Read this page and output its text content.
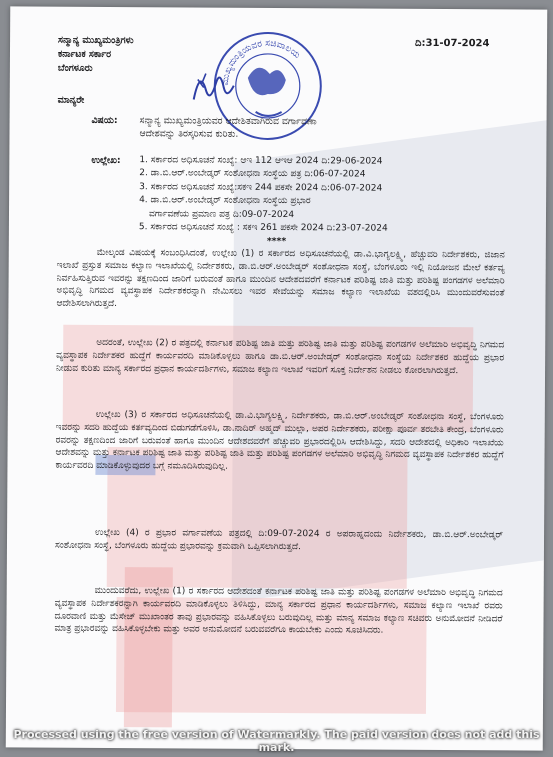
ಸನ್ಮಾನ್ಯ ಮುಖ್ಯಮಂತ್ರಿಗಳು
ಕರ್ನಾಟಕ ಸರ್ಕಾರ
ಬೆಂಗಳೂರು
ದಿ:31-07-2024
ಮುಖ್ಯಮಂತ್ರಿಯವರ ಸಚಿವಾಲಯ
ಮಾನ್ಯರೇ
ವಿಷಯ: ಸನ್ಮಾನ್ಯ ಮುಖ್ಯಮಂತ್ರಿಯವರ ಆದೇಶಿತವಾಗಿರುವ ವರ್ಗಾವಣಾ
ಆದೇಶವನ್ನು ತಿರಸ್ಕರಿಸುವ ಕುರಿತು.
ಉಲ್ಲೇಖ: 1. ಸರ್ಕಾರದ ಅಧಿಸೂಚನೆ ಸಂಖ್ಯೆ: ಆಇ 112 ಆಇಆ 2024 ದಿ:29-06-2024
2. ಡಾ.ಬಿ.ಆರ್.ಅಂಬೇಡ್ಕರ್ ಸಂಶೋಧನಾ ಸಂಸ್ಥೆಯ ಪತ್ರ ದಿ:06-07-2024
3. ಸರ್ಕಾರದ ಅಧಿಸೂಚನೆ ಸಂಖ್ಯೆ:ಸಕಇ 244 ಪಕಸೇ 2024 ದಿ:06-07-2024
4. ಡಾ.ಬಿ.ಆರ್.ಅಂಬೇಡ್ಕರ್ ಸಂಶೋಧನಾ ಸಂಸ್ಥೆಯ ಪ್ರಭಾರ
ವರ್ಗಾವಣೆಯ ಪ್ರಮಾಣ ಪತ್ರ ದಿ:09-07-2024
5. ಸರ್ಕಾರದ ಅಧಿಸೂಚನೆ ಸಂಖ್ಯೆ : ಸಕಇ 261 ಪಕಸೇ 2024 ದಿ:23-07-2024
****
ಮೇಲ್ಕಂಡ ವಿಷಯಕ್ಕೆ ಸಂಬಂಧಿಸಿದಂತೆ, ಉಲ್ಲೇಖ (1) ರ ಸರ್ಕಾರದ ಅಧಿಸೂಚನೆಯಲ್ಲಿ ಡಾ.ವಿ.ಭಾಗ್ಯಲಕ್ಷ್ಮಿ, ಹೆಚ್ಚುವರಿ ನಿರ್ದೇಶಕರು, ಜಿಜಾನ ಇಲಾಖೆ ಪ್ರಸ್ತುತ ಸಮಾಜ ಕಲ್ಯಾಣ ಇಲಾಖೆಯಲ್ಲಿ ನಿರ್ದೇಶಕರು, ಡಾ.ಬಿ.ಆರ್.ಅಂಬೇಡ್ಕರ್ ಸಂಶೋಧನಾ ಸಂಸ್ಥೆ, ಬೆಂಗಳೂರು ಇಲ್ಲಿ ನಿಯೋಜನ ಮೇಲೆ ಕರ್ತವ್ಯ ನಿರ್ವಹಿಸುತ್ತಿರುವ ಇವರನ್ನು ತಕ್ಷಣದಿಂದ ಜಾರಿಗೆ ಬರುವಂತೆ ಹಾಗೂ ಮುಂದಿನ ಆದೇಶದವರೆಗೆ ಕರ್ನಾಟಕ ಪರಿಶಿಷ್ಟ ಜಾತಿ ಮತ್ತು ಪರಿಶಿಷ್ಟ ಪಂಗಡಗಳ ಅಲೆಮಾರಿ ಅಭಿವೃದ್ಧಿ ನಿಗಮದ ವ್ಯವಸ್ಥಾಪಕ ನಿರ್ದೇಶಕರನ್ನಾಗಿ ನೇಮಿಸಲು ಇವರ ಸೇವೆಯನ್ನು ಸಮಾಜ ಕಲ್ಯಾಣ ಇಲಾಖೆಯ ವಶದಲ್ಲಿರಿಸಿ ಮುಂದುವರೆಸುವಂತೆ ಆದೇಶಿಸಲಾಗಿರುತ್ತದೆ.
ಅದರಂತೆ, ಉಲ್ಲೇಖ (2) ರ ಪತ್ರದಲ್ಲಿ ಕರ್ನಾಟಕ ಪರಿಶಿಷ್ಟ ಜಾತಿ ಮತ್ತು ಪರಿಶಿಷ್ಟ ಜಾತಿ ಮತ್ತು ಪರಿಶಿಷ್ಟ ಪಂಗಡಗಳ ಅಲೆಮಾರಿ ಅಭಿವೃದ್ಧಿ ನಿಗಮದ ವ್ಯವಸ್ಥಾಪಕ ನಿರ್ದೇಶಕರ ಹುದ್ದೆಗೆ ಕಾರ್ಯವರದಿ ಮಾಡಿಕೊಳ್ಳಲು ಹಾಗೂ ಡಾ.ಬಿ.ಆರ್.ಅಂಬೇಡ್ಕರ್ ಸಂಶೋಧನಾ ಸಂಸ್ಥೆಯ ನಿರ್ದೇಶಕರ ಹುದ್ದೆಯ ಪ್ರಭಾರ ನೀಡುವ ಕುರಿತು ಮಾನ್ಯ ಸರ್ಕಾರದ ಪ್ರಧಾನ ಕಾರ್ಯದರ್ಶಿಗಳು, ಸಮಾಜ ಕಲ್ಯಾಣ ಇಲಾಖೆ ಇವರಿಗೆ ಸೂಕ್ತ ನಿರ್ದೇಶನ ನೀಡಲು ಕೋರಲಾಗಿರುತ್ತದೆ.
ಉಲ್ಲೇಖ (3) ರ ಸರ್ಕಾರದ ಅಧಿಸೂಚನೆಯಲ್ಲಿ ಡಾ.ವಿ.ಭಾಗ್ಯಲಕ್ಷ್ಮಿ, ನಿರ್ದೇಶಕರು, ಡಾ.ಬಿ.ಆರ್.ಅಂಬೇಡ್ಕರ್ ಸಂಶೋಧನಾ ಸಂಸ್ಥೆ, ಬೆಂಗಳೂರು ಇವರನ್ನು ಸದರಿ ಹುದ್ದೆಯ ಕರ್ತವ್ಯದಿಂದ ಬಿಡುಗಡೆಗೊಳಿಸಿ, ಡಾ.ನಾದಿರ್ ಅಹ್ಮದ್ ಮುಲ್ಲಾ, ಅಪರ ನಿರ್ದೇಶಕರು, ಪರೀಕ್ಷಾ ಪೂರ್ವ ತರಬೇತಿ ಕೇಂದ್ರ, ಬೆಂಗಳೂರು ರವರನ್ನು ತಕ್ಷಣದಿಂದ ಜಾರಿಗೆ ಬರುವಂತೆ ಹಾಗೂ ಮುಂದಿನ ಆದೇಶದವರೆಗೆ ಹೆಚ್ಚುವರಿ ಪ್ರಭಾರದಲ್ಲಿರಿಸಿ ಆದೇಶಿಸಿದ್ದು, ಸದರಿ ಆದೇಶದಲ್ಲಿ ಅಧಿಕಾರಿ ಇಲಾಖೆಯ ಆದೇಶವನ್ನು ಮತ್ತು ಕರ್ನಾಟಕ ಪರಿಶಿಷ್ಟ ಜಾತಿ ಮತ್ತು ಪರಿಶಿಷ್ಟ ಜಾತಿ ಮತ್ತು ಪರಿಶಿಷ್ಟ ಪಂಗಡಗಳ ಅಲೆಮಾರಿ ಅಭಿವೃದ್ಧಿ ನಿಗಮದ ವ್ಯವಸ್ಥಾಪಕ ನಿರ್ದೇಶಕರ ಹುದ್ದೆಗೆ ಕಾರ್ಯವರದಿ ಮಾಡಿಕೊಳ್ಳುವುದರ ಬಗ್ಗೆ ನಮೂದಿಸಿರುವುದಿಲ್ಲ.
ಉಲ್ಲೇಖ (4) ರ ಪ್ರಭಾರ ವರ್ಗಾವಣೆಯ ಪತ್ರದಲ್ಲಿ ದಿ:09-07-2024 ರ ಅಪರಾಹ್ನದಂದು ನಿರ್ದೇಶಕರು, ಡಾ.ಬಿ.ಆರ್.ಅಂಬೇಡ್ಕರ್ ಸಂಶೋಧನಾ ಸಂಸ್ಥೆ, ಬೆಂಗಳೂರು ಹುದ್ದೆಯ ಪ್ರಭಾರವನ್ನು ಕ್ರಮವಾಗಿ ಒಪ್ಪಿಸಲಾಗಿರುತ್ತದೆ.
ಮುಂದುವರೆದು, ಉಲ್ಲೇಖ (1) ರ ಸರ್ಕಾರದ ಆದೇಶದಂತೆ ಕರ್ನಾಟಕ ಪರಿಶಿಷ್ಟ ಜಾತಿ ಮತ್ತು ಪರಿಶಿಷ್ಟ ಪಂಗಡಗಳ ಅಲೆಮಾರಿ ಅಭಿವೃದ್ಧಿ ನಿಗಮದ ವ್ಯವಸ್ಥಾಪಕ ನಿರ್ದೇಶಕರನ್ನಾಗಿ ಕಾರ್ಯವರದಿ ಮಾಡಿಕೊಳ್ಳಲು ತಿಳಿಸಿದ್ದು, ಮಾನ್ಯ ಸರ್ಕಾರದ ಪ್ರಧಾನ ಕಾರ್ಯದರ್ಶಿಗಳು, ಸಮಾಜ ಕಲ್ಯಾಣ ಇಲಾಖೆ ರವರು ದೂರವಾಣಿ ಮತ್ತು ಮೆಸೇಜ್ ಮುಖಾಂತರ ತಾವು ಪ್ರಭಾರವನ್ನು ವಹಿಸಿಕೊಳ್ಳಲು ಬರುವುದಿಲ್ಲ ಮತ್ತು ಮಾನ್ಯ ಸಮಾಜ ಕಲ್ಯಾಣ ಸಚಿವರು ಅನುಮೋದನೆ ನೀಡಿದರೆ ಮಾತ್ರ ಪ್ರಭಾರವನ್ನು ವಹಿಸಿಕೊಳ್ಳಬೇಕು ಮತ್ತು ಅವರ ಅನುಮೋದನೆ ಬರುವವರೆಗೂ ಕಾಯಬೇಕು ಎಂದು ಸೂಚಿಸಿದರು.
Processed using the free version of Watermarkly. The paid version does not add this mark.
